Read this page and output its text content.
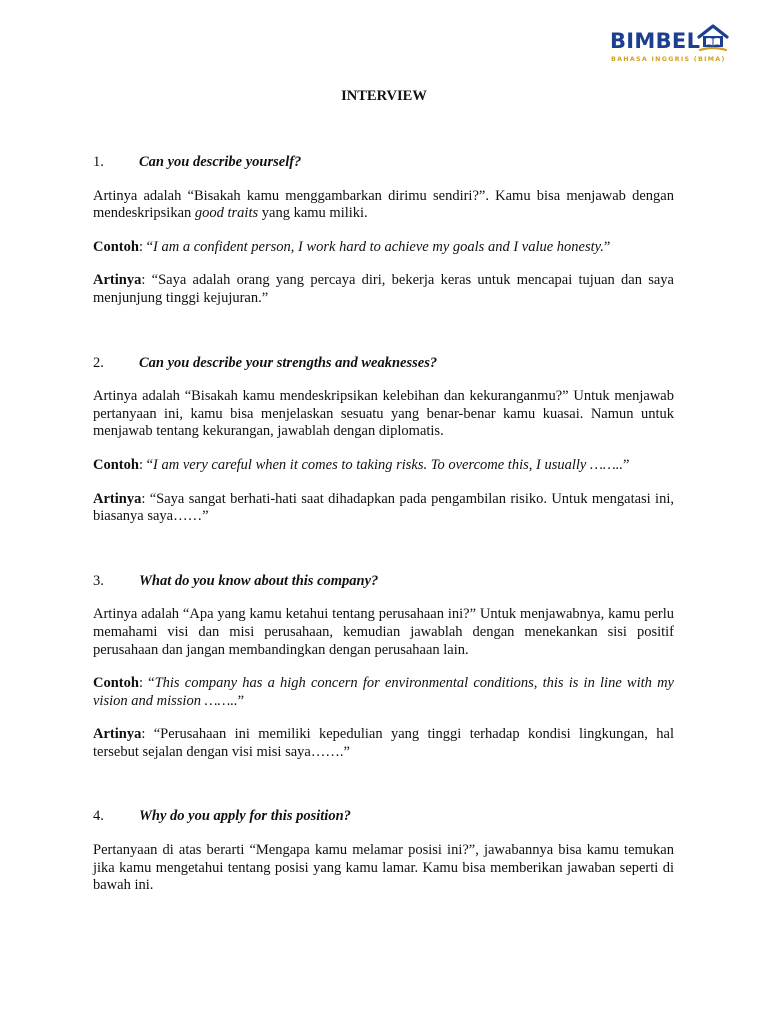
BIMBEL
BAHASA INGGRIS (BIMA)
INTERVIEW
1.	Can you describe yourself?
Artinya adalah “Bisakah kamu menggambarkan dirimu sendiri?”. Kamu bisa menjawab dengan mendeskripsikan good traits yang kamu miliki.
Contoh: “I am a confident person, I work hard to achieve my goals and I value honesty.”
Artinya: “Saya adalah orang yang percaya diri, bekerja keras untuk mencapai tujuan dan saya menjunjung tinggi kejujuran.”
2.	Can you describe your strengths and weaknesses?
Artinya adalah “Bisakah kamu mendeskripsikan kelebihan dan kekuranganmu?” Untuk menjawab pertanyaan ini, kamu bisa menjelaskan sesuatu yang benar-benar kamu kuasai. Namun untuk menjawab tentang kekurangan, jawablah dengan diplomatis.
Contoh: “I am very careful when it comes to taking risks. To overcome this, I usually ……..”
Artinya: “Saya sangat berhati-hati saat dihadapkan pada pengambilan risiko. Untuk mengatasi ini, biasanya saya……”
3.	What do you know about this company?
Artinya adalah “Apa yang kamu ketahui tentang perusahaan ini?” Untuk menjawabnya, kamu perlu memahami visi dan misi perusahaan, kemudian jawablah dengan menekankan sisi positif perusahaan dan jangan membandingkan dengan perusahaan lain.
Contoh: “This company has a high concern for environmental conditions, this is in line with my vision and mission ……..”
Artinya: “Perusahaan ini memiliki kepedulian yang tinggi terhadap kondisi lingkungan, hal tersebut sejalan dengan visi misi saya…….”
4.	Why do you apply for this position?
Pertanyaan di atas berarti “Mengapa kamu melamar posisi ini?”, jawabannya bisa kamu temukan jika kamu mengetahui tentang posisi yang kamu lamar. Kamu bisa memberikan jawaban seperti di bawah ini.
